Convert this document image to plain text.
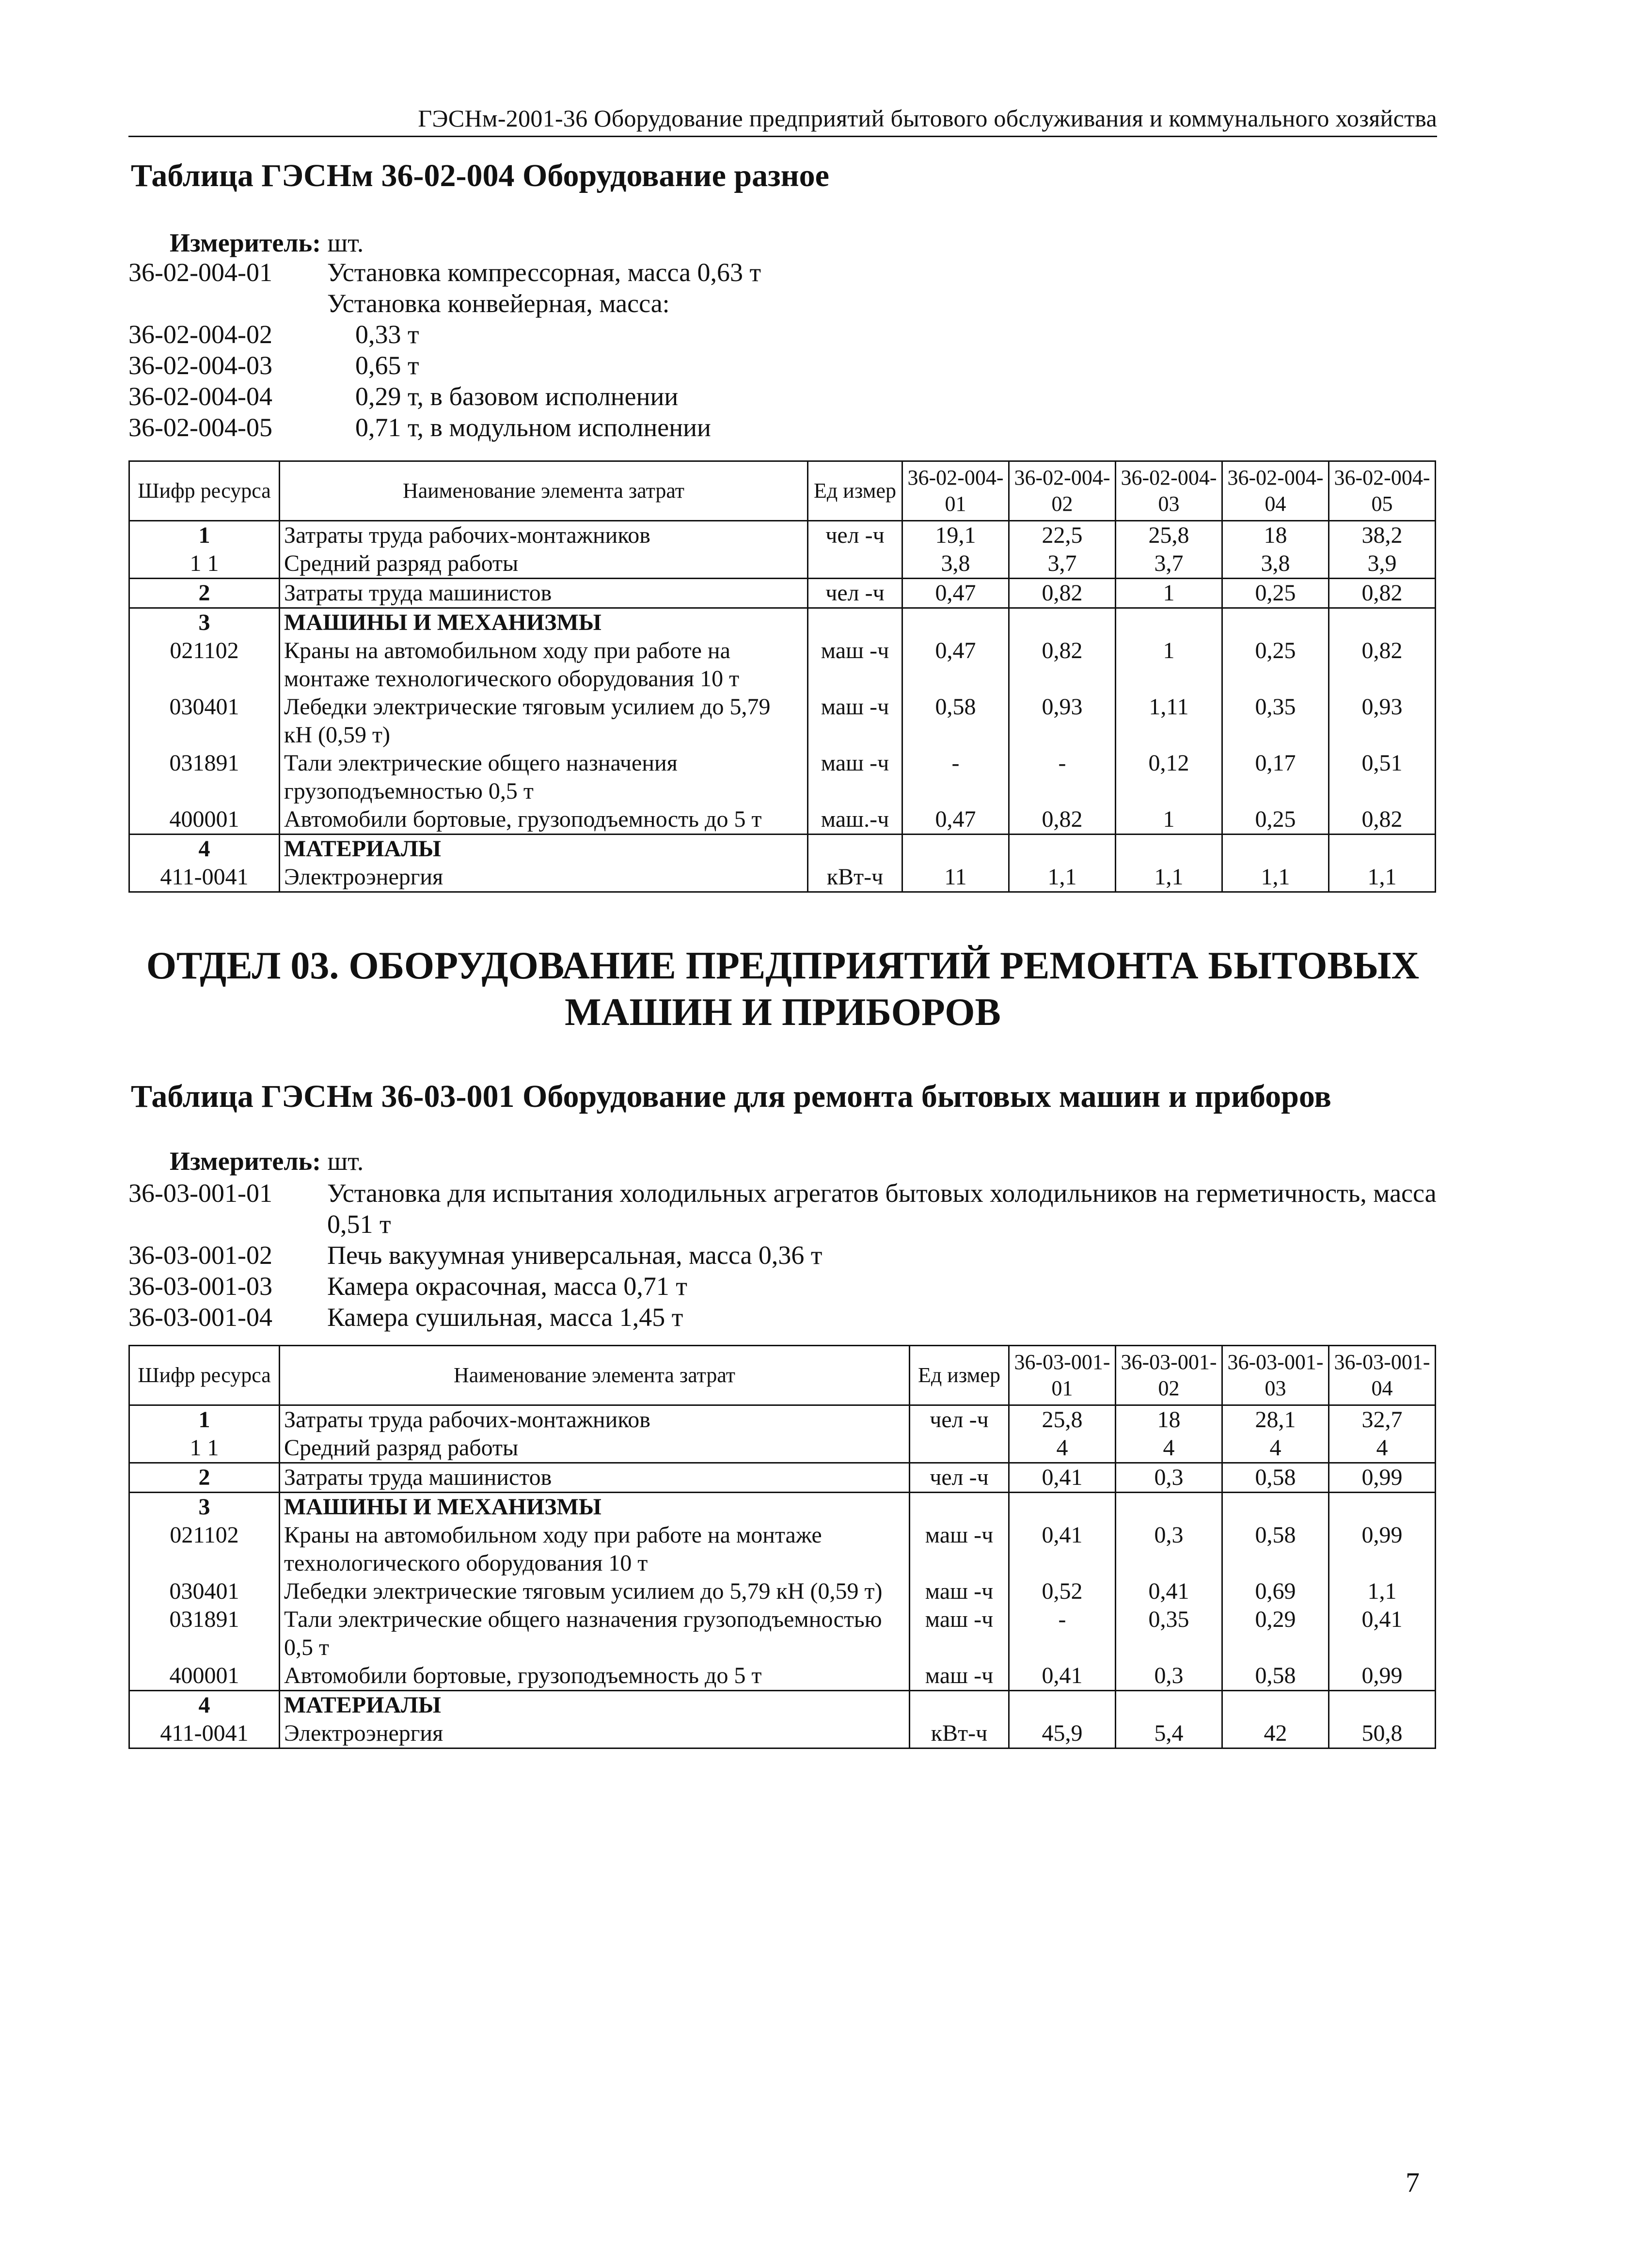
ГЭСНм-2001-36 Оборудование предприятий бытового обслуживания и коммунального хозяйства
Таблица ГЭСНм 36-02-004 Оборудование разное
Измеритель: шт.
36-02-004-01	Установка компрессорная, масса 0,63 т
Установка конвейерная, масса:
36-02-004-02	0,33 т
36-02-004-03	0,65 т
36-02-004-04	0,29 т, в базовом исполнении
36-02-004-05	0,71 т, в модульном исполнении
Шифр ресурса	Наименование элемента затрат	Ед измер	36-02-004-01	36-02-004-02	36-02-004-03	36-02-004-04	36-02-004-05
1	Затраты труда рабочих-монтажников	чел -ч	19,1	22,5	25,8	18	38,2
1 1	Средний разряд работы		3,8	3,7	3,7	3,8	3,9
2	Затраты труда машинистов	чел -ч	0,47	0,82	1	0,25	0,82
3	МАШИНЫ И МЕХАНИЗМЫ						
021102	Краны на автомобильном ходу при работе на монтаже технологического оборудования 10 т	маш -ч	0,47	0,82	1	0,25	0,82
030401	Лебедки электрические тяговым усилием до 5,79 кН (0,59 т)	маш -ч	0,58	0,93	1,11	0,35	0,93
031891	Тали электрические общего назначения грузоподъемностью 0,5 т	маш -ч	-	-	0,12	0,17	0,51
400001	Автомобили бортовые, грузоподъемность до 5 т	маш.-ч	0,47	0,82	1	0,25	0,82
4	МАТЕРИАЛЫ						
411-0041	Электроэнергия	кВт-ч	11	1,1	1,1	1,1	1,1
ОТДЕЛ 03. ОБОРУДОВАНИЕ ПРЕДПРИЯТИЙ РЕМОНТА БЫТОВЫХ
МАШИН И ПРИБОРОВ
Таблица ГЭСНм 36-03-001 Оборудование для ремонта бытовых машин и приборов
Измеритель: шт.
36-03-001-01	Установка для испытания холодильных агрегатов бытовых холодильников на герметичность, масса 0,51 т
36-03-001-02	Печь вакуумная универсальная, масса 0,36 т
36-03-001-03	Камера окрасочная, масса 0,71 т
36-03-001-04	Камера сушильная, масса 1,45 т
Шифр ресурса	Наименование элемента затрат	Ед измер	36-03-001-01	36-03-001-02	36-03-001-03	36-03-001-04
1	Затраты труда рабочих-монтажников	чел -ч	25,8	18	28,1	32,7
1 1	Средний разряд работы		4	4	4	4
2	Затраты труда машинистов	чел -ч	0,41	0,3	0,58	0,99
3	МАШИНЫ И МЕХАНИЗМЫ					
021102	Краны на автомобильном ходу при работе на монтаже технологического оборудования 10 т	маш -ч	0,41	0,3	0,58	0,99
030401	Лебедки электрические тяговым усилием до 5,79 кН (0,59 т)	маш -ч	0,52	0,41	0,69	1,1
031891	Тали электрические общего назначения грузоподъемностью 0,5 т	маш -ч	-	0,35	0,29	0,41
400001	Автомобили бортовые, грузоподъемность до 5 т	маш -ч	0,41	0,3	0,58	0,99
4	МАТЕРИАЛЫ					
411-0041	Электроэнергия	кВт-ч	45,9	5,4	42	50,8
7
